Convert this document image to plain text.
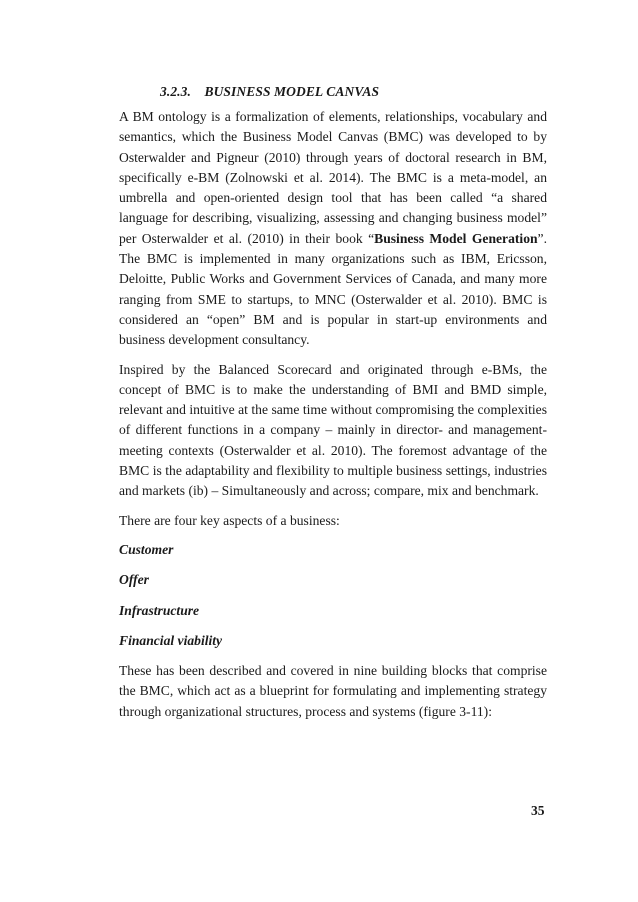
3.2.3. BUSINESS MODEL CANVAS

A BM ontology is a formalization of elements, relationships, vocabulary and semantics, which the Business Model Canvas (BMC) was developed to by Osterwalder and Pigneur (2010) through years of doctoral research in BM, specifically e-BM (Zolnowski et al. 2014). The BMC is a meta-model, an umbrella and open-oriented design tool that has been called “a shared language for describing, visualizing, assessing and changing business model” per Osterwalder et al. (2010) in their book “Business Model Generation”. The BMC is implemented in many organizations such as IBM, Ericsson, Deloitte, Public Works and Government Services of Canada, and many more ranging from SME to startups, to MNC (Osterwalder et al. 2010). BMC is considered an “open” BM and is popular in start-up environments and business development consultancy.

Inspired by the Balanced Scorecard and originated through e-BMs, the concept of BMC is to make the understanding of BMI and BMD simple, relevant and intuitive at the same time without compromising the complexities of different functions in a company – mainly in director- and management-meeting contexts (Osterwalder et al. 2010). The foremost advantage of the BMC is the adaptability and flexibility to multiple business settings, industries and markets (ib) – Simultaneously and across; compare, mix and benchmark.

There are four key aspects of a business:

Customer

Offer

Infrastructure

Financial viability

These has been described and covered in nine building blocks that comprise the BMC, which act as a blueprint for formulating and implementing strategy through organizational structures, process and systems (figure 3-11):

35
